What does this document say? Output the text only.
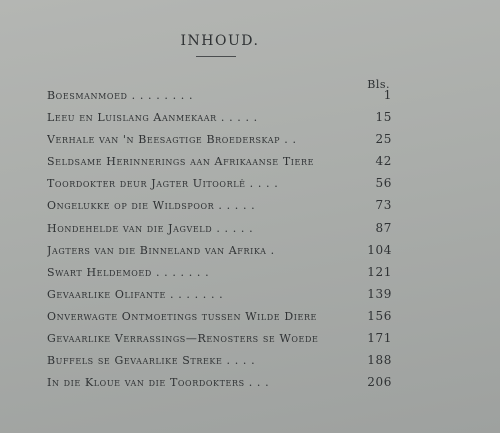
INHOUD.
Bls.
Boesmanmoed . . . . . . . .	1
Leeu en Luislang Aanmekaar . . . . .	15
Verhale van 'n Beesagtige Broederskap . .	25
Seldsame Herinnerings aan Afrikaanse Tiere	42
Toordokter deur Jagter Uitoorlê . . . .	56
Ongelukke op die Wildspoor . . . . .	73
Hondehelde van die Jagveld . . . . .	87
Jagters van die Binneland van Afrika .	104
Swart Heldemoed . . . . . . .	121
Gevaarlike Olifante . . . . . . .	139
Onverwagte Ontmoetings tussen Wilde Diere	156
Gevaarlike Verrassings—Renosters se Woede	171
Buffels se Gevaarlike Streke . . . .	188
In die Kloue van die Toordokters . . .	206
